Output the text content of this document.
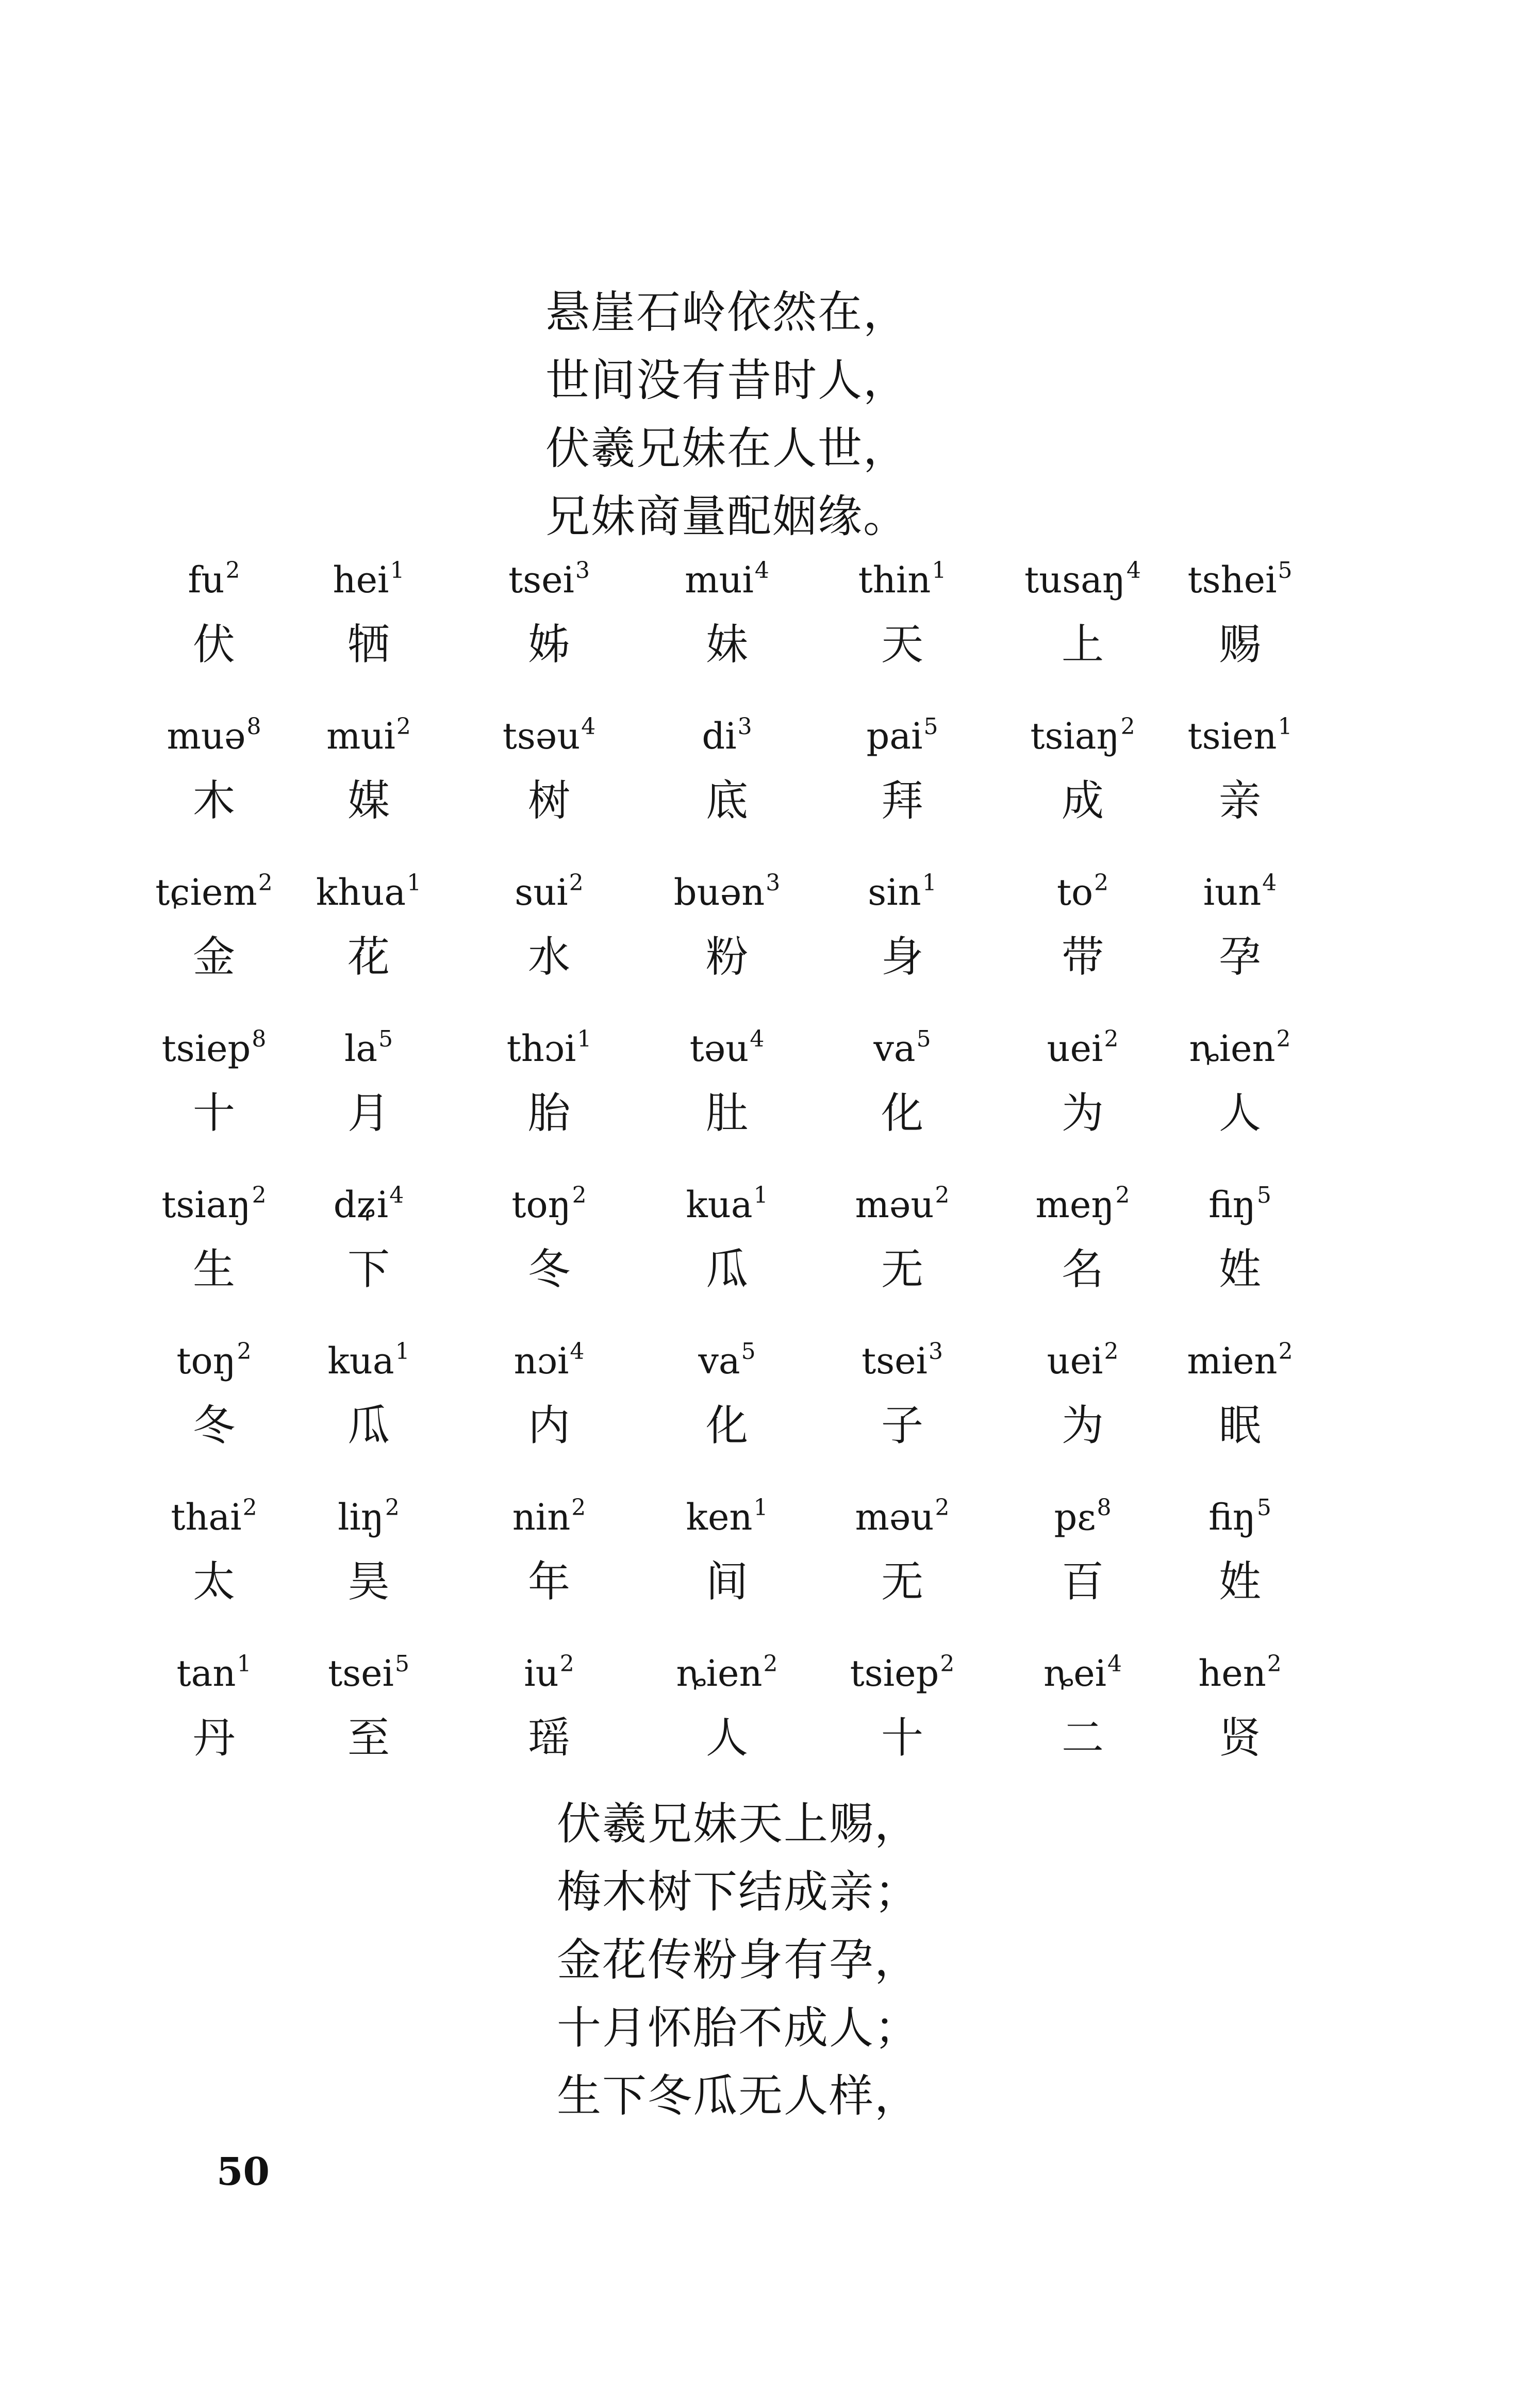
悬崖石岭依然在，
世间没有昔时人，
伏羲兄妹在人世，
兄妹商量配姻缘。
$fu^2$
伏
hei$^1$
牺
tsei$^3$
姊
mui$^4$
妹
thin$^1$
天
tusaŋ$^4$
上
tshei$^5$
赐
muə$^8$
木
mui$^2$
媒
tsəu$^4$
树
$di^3$
底
pai$^5$
拜
tsiaŋ$^2$
成
tsien$^1$
亲
tɕiem$^2$
金
khua$^1$
花
sui$^2$
水
buən$^3$
粉
$\sin^1$
身
$to^2$
带
iun$^4$
孕
tsiep$^8$
十
$la^5$
月
thɔi$^1$
胎
təu$^4$
肚
$va^5$
化
uei$^2$
为
ȵien$^2$
人
tsiaŋ$^2$
生
dʑi$^4$
下
toŋ$^2$
冬
kua$^1$
瓜
məu$^2$
无
meŋ$^2$
名
fiŋ$^5$
姓
toŋ$^2$
冬
kua$^1$
瓜
nɔi$^4$
内
$va^5$
化
tsei$^3$
子
uei$^2$
为
mien$^2$
眠
thai$^2$
太
liŋ$^2$
昊
nin$^2$
年
ken$^1$
间
məu$^2$
无
pɛ$^8$
百
fiŋ$^5$
姓
$\tan^1$
丹
tsei$^5$
至
$iu^2$
瑶
ȵien$^2$
人
tsiep$^2$
十
ȵei$^4$
二
hen$^2$
贤
伏羲兄妹天上赐，
梅木树下结成亲；
金花传粉身有孕，
十月怀胎不成人；
生下冬瓜无人样，
50
